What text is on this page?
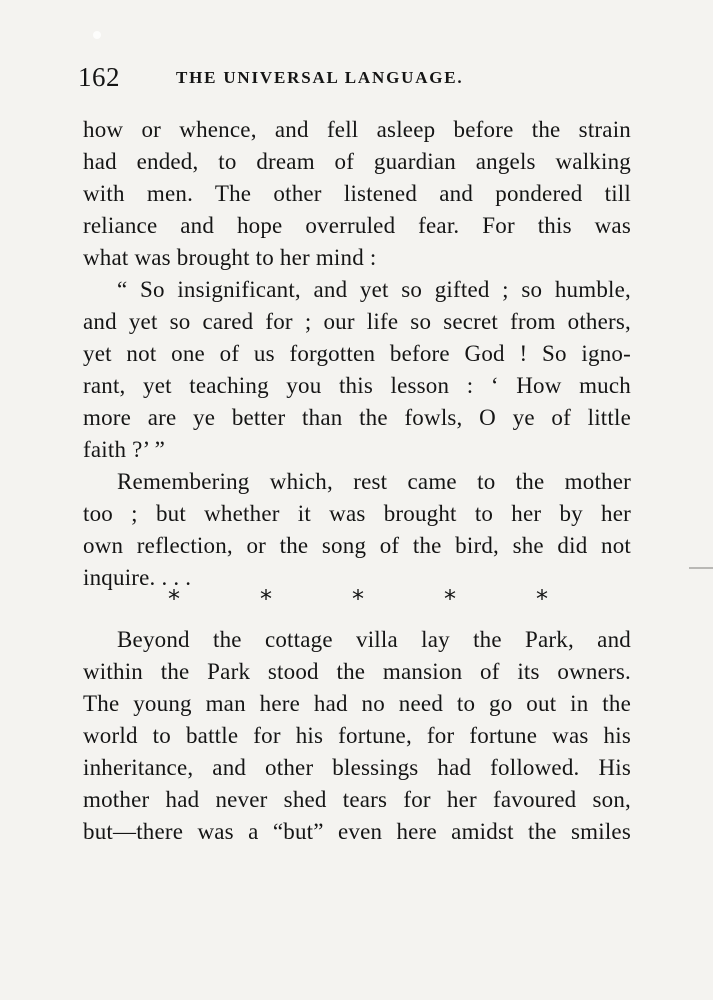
162	THE UNIVERSAL LANGUAGE.
how or whence, and fell asleep before the strain
had ended, to dream of guardian angels walking
with men. The other listened and pondered till
reliance and hope overruled fear. For this was
what was brought to her mind :
“ So insignificant, and yet so gifted ; so humble,
and yet so cared for ; our life so secret from others,
yet not one of us forgotten before God ! So igno-
rant, yet teaching you this lesson : ‘ How much
more are ye better than the fowls, O ye of little
faith ?’ ”
Remembering which, rest came to the mother
too ; but whether it was brought to her by her
own reflection, or the song of the bird, she did not
inquire. . . .
*	*	*	*	*
Beyond the cottage villa lay the Park, and
within the Park stood the mansion of its owners.
The young man here had no need to go out in the
world to battle for his fortune, for fortune was his
inheritance, and other blessings had followed. His
mother had never shed tears for her favoured son,
but—there was a “but” even here amidst the smiles
